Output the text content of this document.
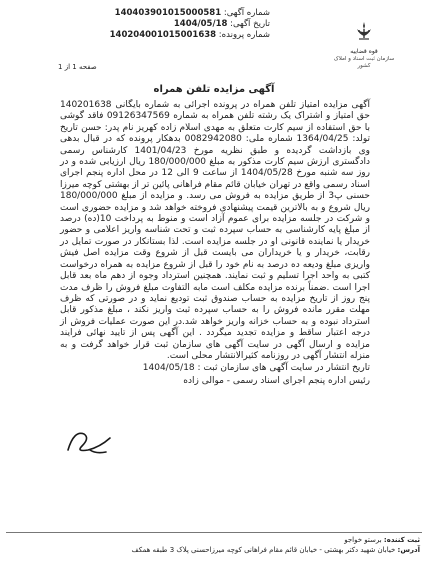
شماره آگهی: 140403901015000581
تاریخ آگهی: 1404/05/18
شماره پرونده: 140204001015001638
قوه قضاییه
سازمان ثبت اسناد و املاک کشور
صفحه 1 از 1
آگهی مزایده تلفن همراه

آگهی مزایده امتیاز تلفن همراه در پرونده اجرائی به شماره بایگانی 140201638 حق امتیاز و اشتراک یک رشته تلفن همراه به شماره 09126347569 فاقد گوشی با حق استفاده از سیم کارت متعلق به مهدی اسلام زاده کهریز نام پدر: حسن تاریخ تولد: 1364/04/25 شماره ملی: 0082942080 بدهکار پرونده که در قبال بدهی وی بازداشت گردیده و طبق نظریه مورخ 1401/04/23 کارشناس رسمی دادگستری ارزش سیم کارت مذکور به مبلغ 180/000/000 ریال ارزیابی شده و در روز سه شنبه مورخ 1404/05/28 از ساعت 9 الی 12 در محل اداره پنجم اجرای اسناد رسمی واقع در تهران خیابان قائم مقام فراهانی پائین تر از بهشتی کوچه میرزا حسنی پ3 از طریق مزایده به فروش می رسد. و مزایده از مبلغ 180/000/000 ریال شروع و به بالاترین قیمت پیشنهادی فروخته خواهد شد و مزایده حضوری است و شرکت در جلسه مزایده برای عموم آزاد است و منوط به پرداخت 10(ده) درصد از مبلغ پایه کارشناسی به حساب سپرده ثبت و تحت شناسه واریز اعلامی و حضور خریدار یا نماینده قانونی او در جلسه مزایده است. لذا بستانکار در صورت تمایل در رقابت، خریدار و یا خریداران می بایست قبل از شروع وقت مزایده اصل فیش واریزی مبلغ ودیعه ده درصد به نام خود را قبل از شروع مزایده به همراه درخواست کتبی به واحد اجرا تسلیم و ثبت نمایند. همچنین استرداد وجوه از دهم ماه بعد قابل اجرا است .ضمناً برنده مزایده مکلف است مابه التفاوت مبلغ فروش را ظرف مدت پنج روز از تاریخ مزایده به حساب صندوق ثبت توديع نمايد و در صورتی که ظرف مهلت مقرر مانده فروش را به حساب سپرده ثبت واریز نکند ، مبلغ مذکور قابل استرداد نبوده و به حساب خزانه واریز خواهد شد.در این صورت عملیات فروش از درجه اعتبار ساقط و مزایده تجدید میگردد . این آگهی پس از تایید نهائی فرایند مزایده و ارسال آگهی در سایت آگهی های سازمان ثبت قرار خواهد گرفت و به منزله انتشار آگهی در روزنامه کثیرالانتشار محلی است.

تاریخ انتشار در سایت آگهی های سازمان ثبت : 1404/05/18

رئیس اداره پنجم اجرای اسناد رسمی - موالی زاده

ثبت کننده: برستو خواجو
آدرس: خیابان شهید دکتر بهشتی - خیابان قائم مقام فراهانی کوچه میرزاحسنی پلاک 3 طبقه همکف
